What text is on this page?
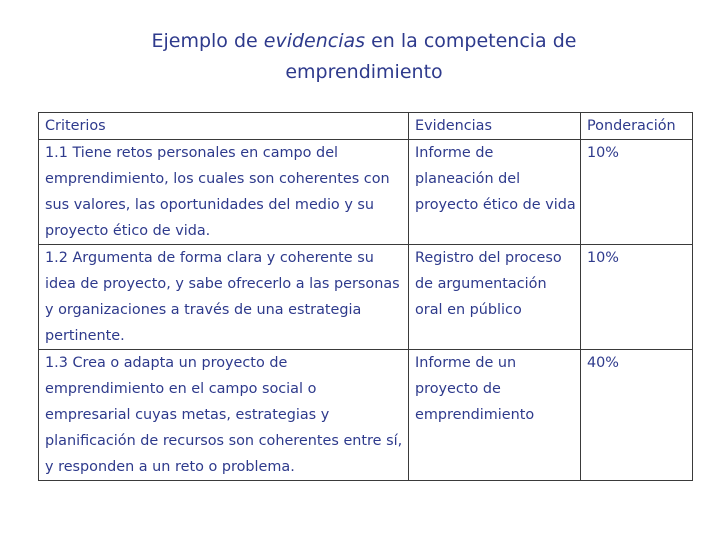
Ejemplo de evidencias en la competencia de
emprendimiento
Criterios	Evidencias	Ponderación
1.1 Tiene retos personales en campo del emprendimiento, los cuales son coherentes con sus valores, las oportunidades del medio y su proyecto ético de vida.	Informe de planeación del proyecto ético de vida	10%
1.2 Argumenta de forma clara y coherente su idea de proyecto, y sabe ofrecerlo a las personas y organizaciones a través de una estrategia pertinente.	Registro del proceso de argumentación oral en público	10%
1.3 Crea o adapta un proyecto de emprendimiento en el campo social o empresarial cuyas metas, estrategias y planificación de recursos son coherentes entre sí, y responden a un reto o problema.	Informe de un proyecto de emprendimiento	40%
